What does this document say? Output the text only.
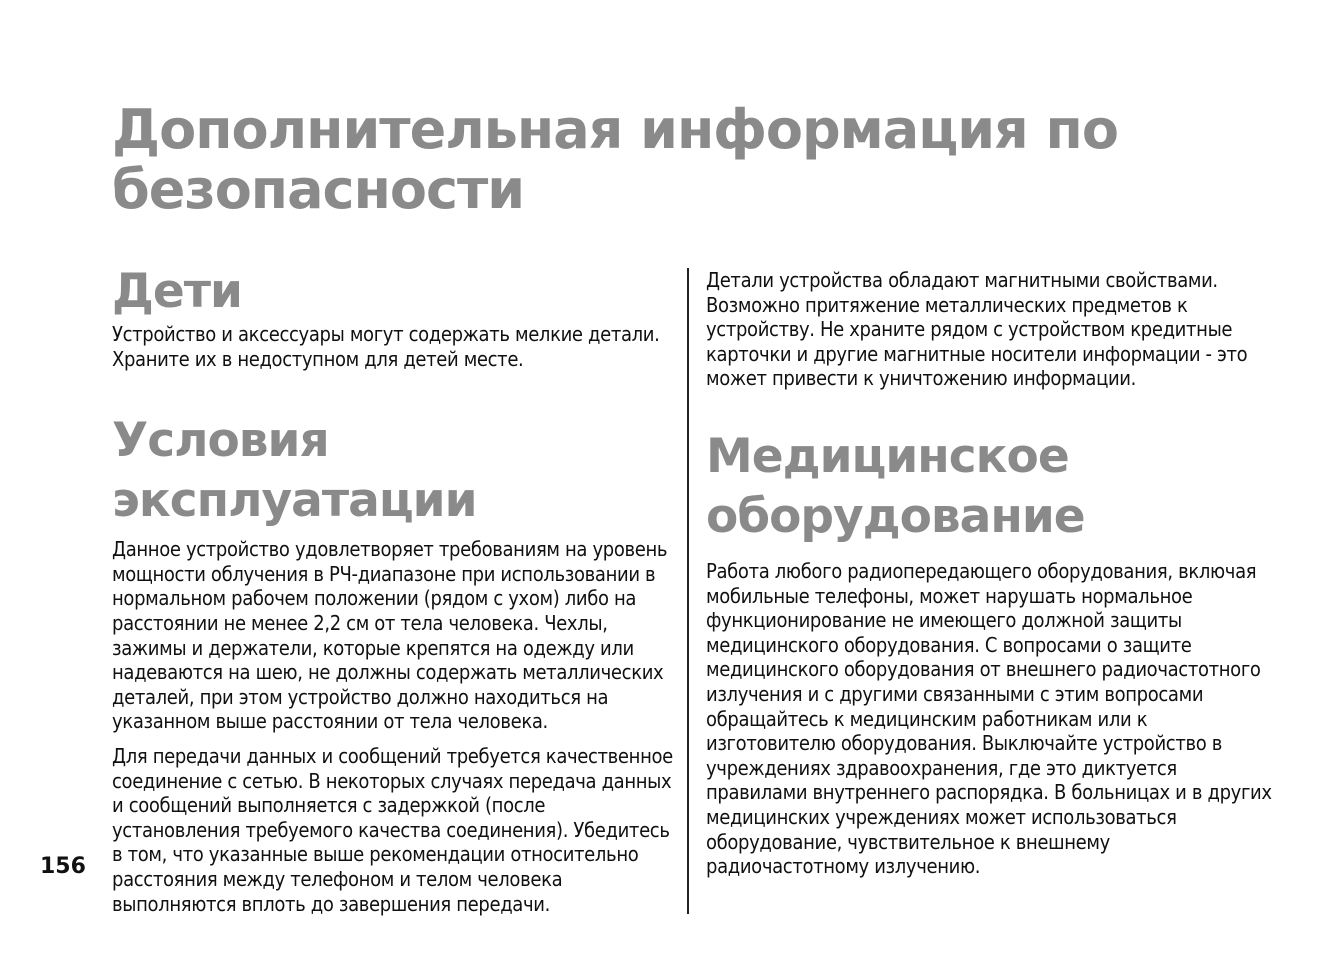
Дополнительная информация по безопасности
Дети

Устройство и аксессуары могут содержать мелкие детали. Храните их в недоступном для детей месте.

Условия эксплуатации

Данное устройство удовлетворяет требованиям на уровень мощности облучения в РЧ-диапазоне при использовании в нормальном рабочем положении (рядом с ухом) либо на расстоянии не менее 2,2 см от тела человека. Чехлы, зажимы и держатели, которые крепятся на одежду или надеваются на шею, не должны содержать металлических деталей, при этом устройство должно находиться на указанном выше расстоянии от тела человека.

Для передачи данных и сообщений требуется качественное соединение с сетью. В некоторых случаях передача данных и сообщений выполняется с задержкой (после установления требуемого качества соединения). Убедитесь в том, что указанные выше рекомендации относительно расстояния между телефоном и телом человека выполняются вплоть до завершения передачи.

Детали устройства обладают магнитными свойствами. Возможно притяжение металлических предметов к устройству. Не храните рядом с устройством кредитные карточки и другие магнитные носители информации - это может привести к уничтожению информации.

Медицинское оборудование

Работа любого радиопередающего оборудования, включая мобильные телефоны, может нарушать нормальное функционирование не имеющего должной защиты медицинского оборудования. С вопросами о защите медицинского оборудования от внешнего радиочастотного излучения и с другими связанными с этим вопросами обращайтесь к медицинским работникам или к изготовителю оборудования. Выключайте устройство в учреждениях здравоохранения, где это диктуется правилами внутреннего распорядка. В больницах и в других медицинских учреждениях может использоваться оборудование, чувствительное к внешнему радиочастотному излучению.

156
